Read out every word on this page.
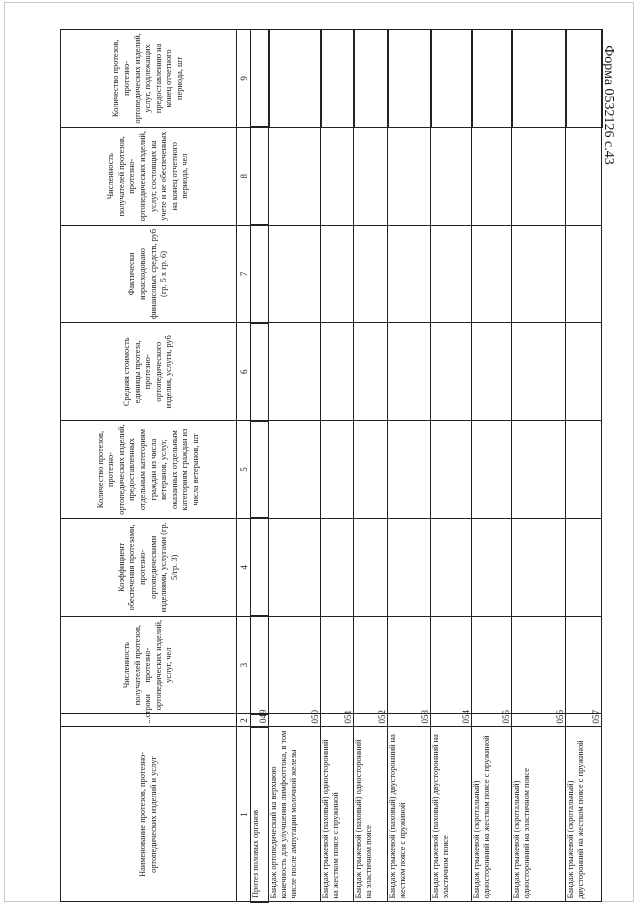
Форма 0532126 с.43
Наименование протезов, протезно-ортопедических изделий и услуг	...строки	Численность получателей протезов, протезно-ортопедических изделий, услуг, чел	Коэффициент обеспечения протезами, протезно-ортопедическими изделиями, услугами (гр. 5/гр. 3)	Количество протезов, протезно-ортопедических изделий, предоставленных отдельным категориям граждан из числа ветеранов, услуг, оказанных отдельным категориям граждан из числа ветеранов, шт	Средняя стоимость единицы протеза, протезно-ортопедического изделия, услуги, руб	Фактически израсходовано финансовых средств, руб (гр. 5 х гр. 6)	Численность получателей протезов, протезно-ортопедических изделий, услуг, состоящих на учете и не обеспеченных на конец отчетного периода, чел	Количество протезов, протезно-ортопедических изделий, услуг, подлежащих предоставлению на конец отчетного периода, шт
1	2	3	4	5	6	7	8	9
Протез половых органов	049							
Бандаж ортопедический на верхнюю конечность для улучшения лимфооттока, в том числе после ампутации молочной железы	050							
Бандаж грыжевой (паховый) односторонний на жестком поясе с пружиной	051							
Бандаж грыжевой (паховый) односторонний на эластичном поясе	052							
Бандаж грыжевой (паховый) двусторонний на жестком поясе с пружиной	053							
Бандаж грыжевой (паховый) двусторонний на эластичном поясе	054							
Бандаж грыжевой (скротальный) односторонний на жестком поясе с пружиной	055							
Бандаж грыжевой (скротальный) односторонний на эластичном поясе	056							
Бандаж грыжевой (скротальный) двусторонний на жестком поясе с пружиной	057							
